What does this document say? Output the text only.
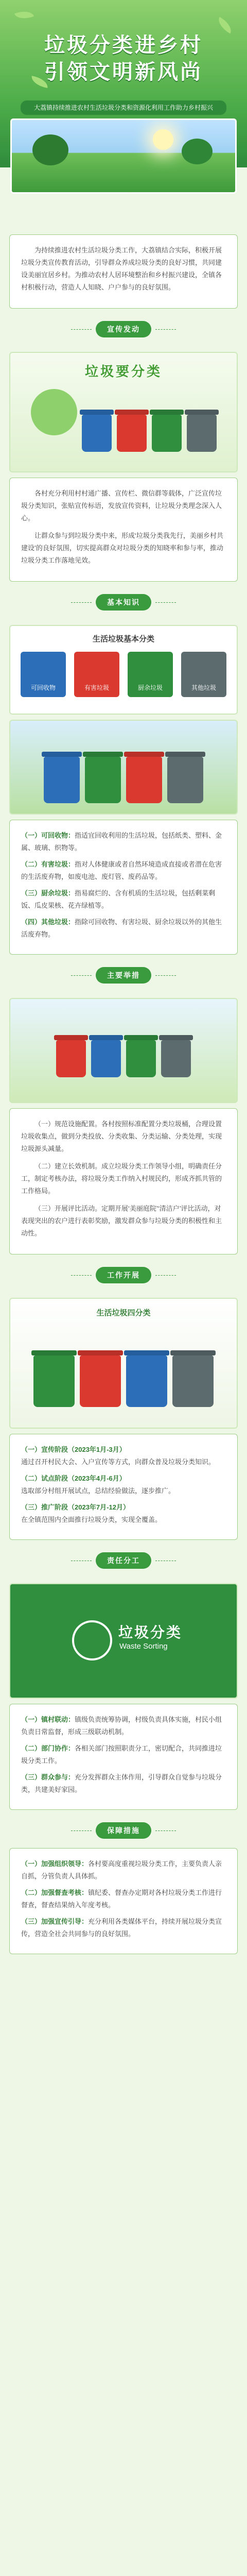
垃圾分类进乡村
引领文明新风尚
大荔镇持续推进农村生活垃圾分类和资源化利用工作助力乡村振兴

为持续推进农村生活垃圾分类工作，大荔镇结合实际，积极开展垃圾分类宣传教育活动，引导群众养成垃圾分类的良好习惯，共同建设美丽宜居乡村。为推动农村人居环境整治和乡村振兴建设，全镇各村积极行动，营造人人知晓、户户参与的良好氛围。

宣传发动
垃圾要分类

各村充分利用村村通广播、宣传栏、微信群等载体，广泛宣传垃圾分类知识，张贴宣传标语，发放宣传资料，让垃圾分类理念深入人心。

让群众参与到垃圾分类中来，形成‘垃圾分类我先行，美丽乡村共建设’的良好氛围，切实提高群众对垃圾分类的知晓率和参与率，推动垃圾分类工作落地见效。

基本知识
生活垃圾基本分类
可回收物	有害垃圾	厨余垃圾	其他垃圾

（一）可回收物：指适宜回收利用的生活垃圾，包括纸类、塑料、金属、玻璃、织物等。

（二）有害垃圾：指对人体健康或者自然环境造成直接或者潜在危害的生活废弃物，如废电池、废灯管、废药品等。

（三）厨余垃圾：指易腐烂的、含有机质的生活垃圾，包括剩菜剩饭、瓜皮果核、花卉绿植等。

（四）其他垃圾：指除可回收物、有害垃圾、厨余垃圾以外的其他生活废弃物。

主要举措

（一）规范设施配置。各村按照标准配置分类垃圾桶，合理设置垃圾收集点，做到分类投放、分类收集、分类运输、分类处理，实现垃圾源头减量。

（二）建立长效机制。成立垃圾分类工作领导小组，明确责任分工，制定考核办法，将垃圾分类工作纳入村规民约，形成齐抓共管的工作格局。

（三）开展评比活动。定期开展‘美丽庭院’‘清洁户’评比活动，对表现突出的农户进行表彰奖励，激发群众参与垃圾分类的积极性和主动性。

工作开展
生活垃圾四分类

（一）宣传阶段（2023年1月-3月）
通过召开村民大会、入户宣传等方式，向群众普及垃圾分类知识。

（二）试点阶段（2023年4月-6月）
选取部分村组开展试点，总结经验做法，逐步推广。

（三）推广阶段（2023年7月-12月）
在全镇范围内全面推行垃圾分类，实现全覆盖。

责任分工
垃圾分类
Waste Sorting

（一）镇村联动：镇级负责统筹协调，村级负责具体实施，村民小组负责日常监督，形成三级联动机制。

（二）部门协作：各相关部门按照职责分工，密切配合，共同推进垃圾分类工作。

（三）群众参与：充分发挥群众主体作用，引导群众自觉参与垃圾分类，共建美好家园。

保障措施

（一）加强组织领导：各村要高度重视垃圾分类工作，主要负责人亲自抓，分管负责人具体抓。

（二）加强督查考核：镇纪委、督查办定期对各村垃圾分类工作进行督查，督查结果纳入年度考核。

（三）加强宣传引导：充分利用各类媒体平台，持续开展垃圾分类宣传，营造全社会共同参与的良好氛围。
